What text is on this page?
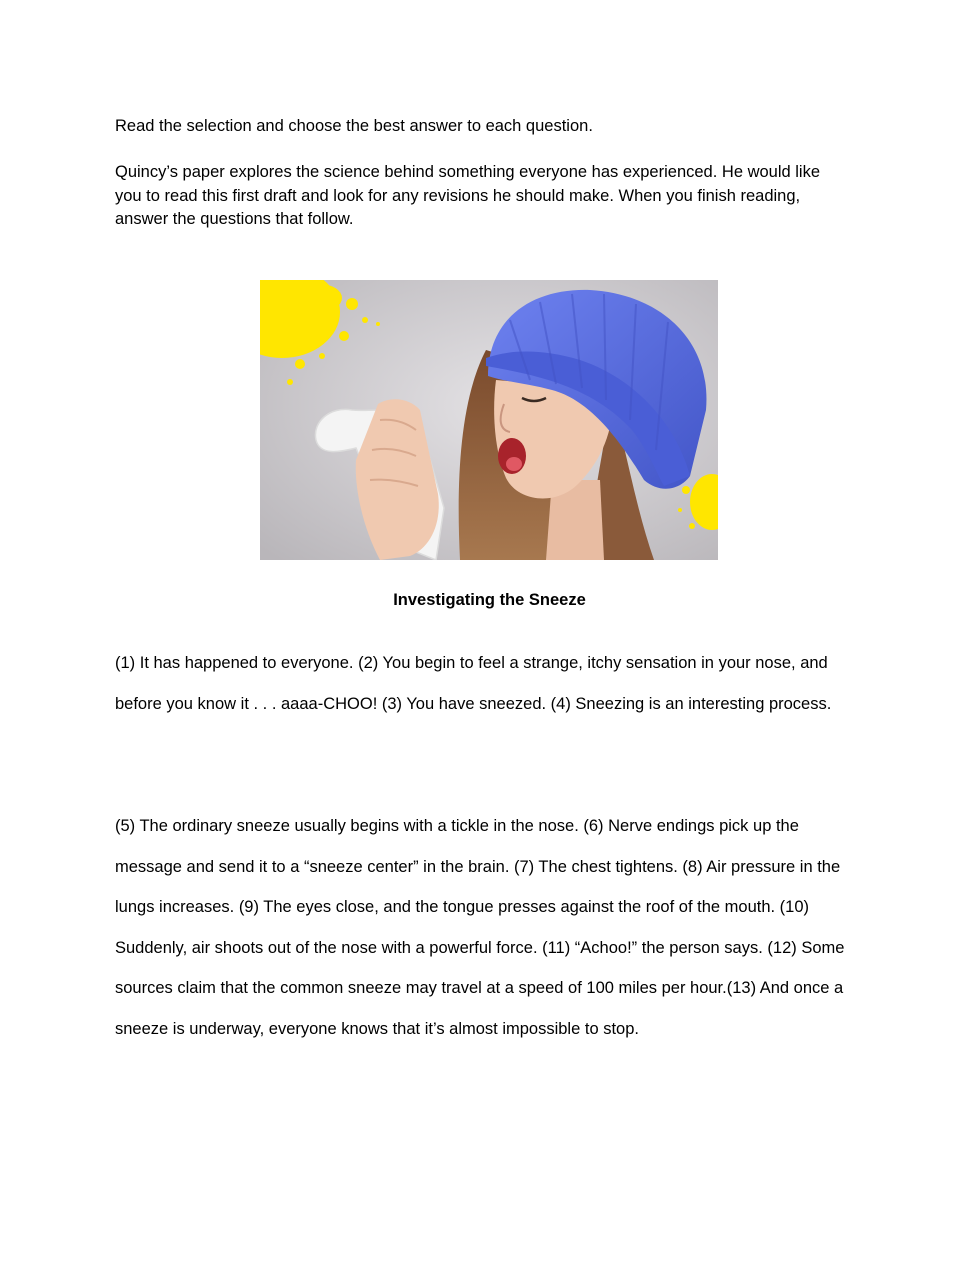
Read the selection and choose the best answer to each question.

Quincy’s paper explores the science behind something everyone has experienced. He would like you to read this first draft and look for any revisions he should make. When you finish reading, answer the questions that follow.

Investigating the Sneeze

(1) It has happened to everyone. (2) You begin to feel a strange, itchy sensation in your nose, and before you know it . . . aaaa-CHOO! (3) You have sneezed. (4) Sneezing is an interesting process.

(5) The ordinary sneeze usually begins with a tickle in the nose. (6) Nerve endings pick up the message and send it to a “sneeze center” in the brain. (7) The chest tightens. (8) Air pressure in the lungs increases. (9) The eyes close, and the tongue presses against the roof of the mouth. (10) Suddenly, air shoots out of the nose with a powerful force. (11) “Achoo!” the person says. (12) Some sources claim that the common sneeze may travel at a speed of 100 miles per hour.(13) And once a sneeze is underway, everyone knows that it’s almost impossible to stop.
